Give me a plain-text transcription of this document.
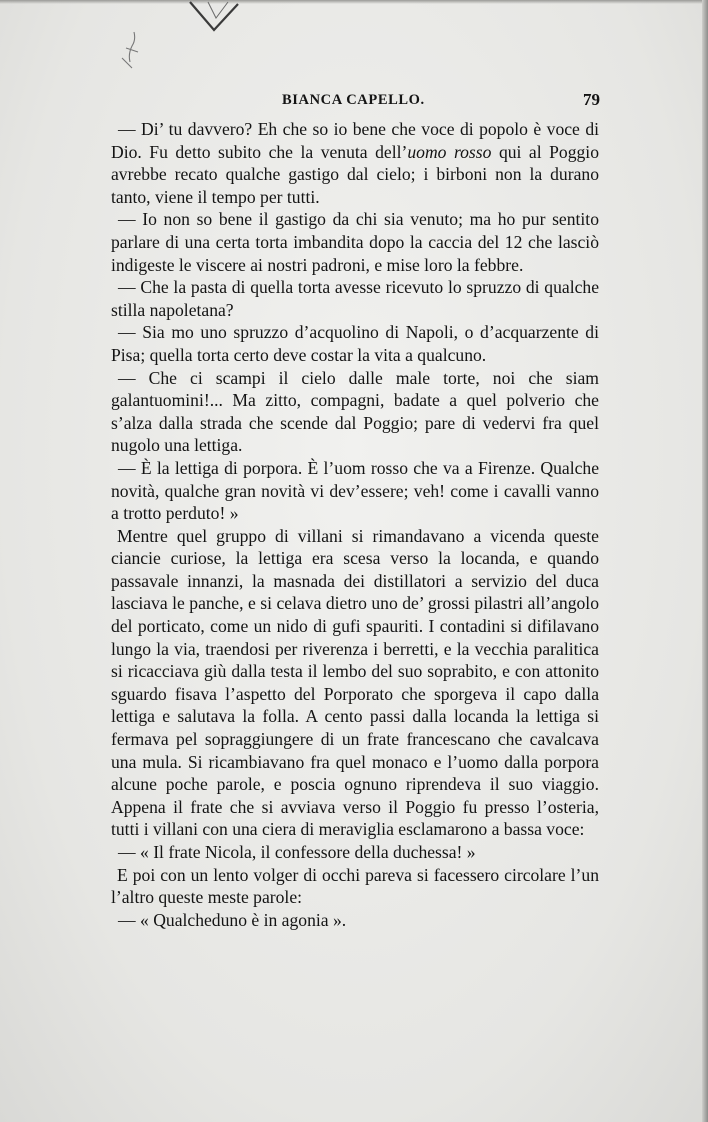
BIANCA CAPELLO.	79

— Di’ tu davvero? Eh che so io bene che voce di popolo è voce di Dio. Fu detto subito che la venuta dell’uomo rosso qui al Poggio avrebbe recato qualche gastigo dal cielo; i birboni non la durano tanto, viene il tempo per tutti.

— Io non so bene il gastigo da chi sia venuto; ma ho pur sentito parlare di una certa torta imbandita dopo la caccia del 12 che lasciò indigeste le viscere ai nostri padroni, e mise loro la febbre.

— Che la pasta di quella torta avesse ricevuto lo spruzzo di qualche stilla napoletana?

— Sia mo uno spruzzo d’acquolino di Napoli, o d’acquarzente di Pisa; quella torta certo deve costar la vita a qualcuno.

— Che ci scampi il cielo dalle male torte, noi che siam galantuomini!... Ma zitto, compagni, badate a quel polverio che s’alza dalla strada che scende dal Poggio; pare di vedervi fra quel nugolo una lettiga.

— È la lettiga di porpora. È l’uom rosso che va a Firenze. Qualche novità, qualche gran novità vi dev’essere; veh! come i cavalli vanno a trotto perduto! »

Mentre quel gruppo di villani si rimandavano a vicenda queste ciancie curiose, la lettiga era scesa verso la locanda, e quando passavale innanzi, la masnada dei distillatori a servizio del duca lasciava le panche, e si celava dietro uno de’ grossi pilastri all’angolo del porticato, come un nido di gufi spauriti. I contadini si difilavano lungo la via, traendosi per riverenza i berretti, e la vecchia paralitica si ricacciava giù dalla testa il lembo del suo soprabito, e con attonito sguardo fisava l’aspetto del Porporato che sporgeva il capo dalla lettiga e salutava la folla. A cento passi dalla locanda la lettiga si fermava pel sopraggiungere di un frate francescano che cavalcava una mula. Si ricambiavano fra quel monaco e l’uomo dalla porpora alcune poche parole, e poscia ognuno riprendeva il suo viaggio. Appena il frate che si avviava verso il Poggio fu presso l’osteria, tutti i villani con una ciera di meraviglia esclamarono a bassa voce:

— « Il frate Nicola, il confessore della duchessa! »

E poi con un lento volger di occhi pareva si facessero circolare l’un l’altro queste meste parole:

— « Qualcheduno è in agonia ».
